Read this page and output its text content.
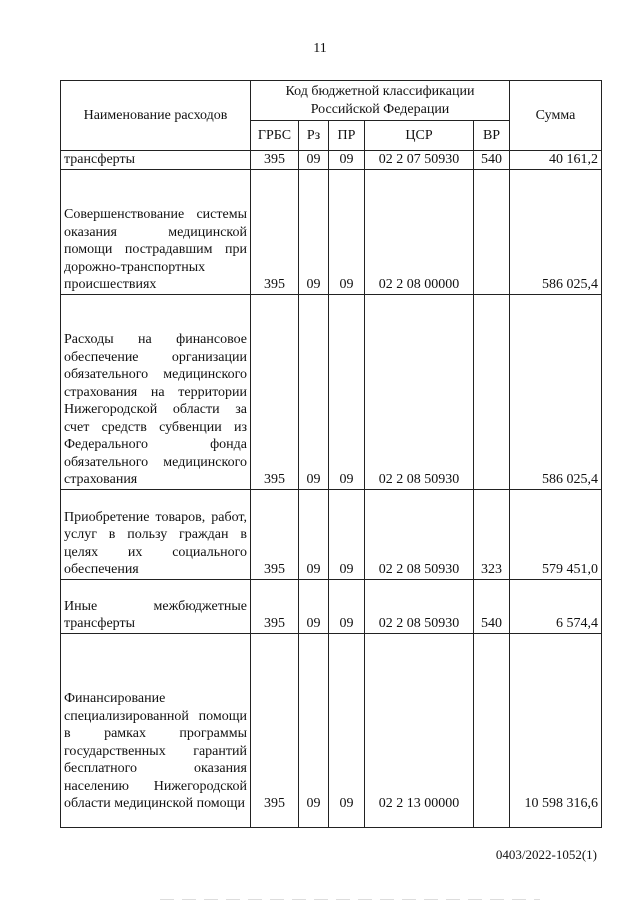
11
Наименование расходов	Код бюджетной классификации Российской Федерации					Сумма
	ГРБС	Рз	ПР	ЦСР	ВР	
трансферты	395	09	09	02 2 07 50930	540	40 161,2
Совершенствование системы оказания медицинской помощи пострадавшим при дорожно-транспортных происшествиях	395	09	09	02 2 08 00000		586 025,4
Расходы на финансовое обеспечение организации обязательного медицинского страхования на территории Нижегородской области за счет средств субвенции из Федерального фонда обязательного медицинского страхования	395	09	09	02 2 08 50930		586 025,4
Приобретение товаров, работ, услуг в пользу граждан в целях их социального обеспечения	395	09	09	02 2 08 50930	323	579 451,0
Иные межбюджетные трансферты	395	09	09	02 2 08 50930	540	6 574,4
Финансирование специализированной помощи в рамках программы государственных гарантий бесплатного оказания населению Нижегородской области медицинской помощи	395	09	09	02 2 13 00000		10 598 316,6
0403/2022-1052(1)
